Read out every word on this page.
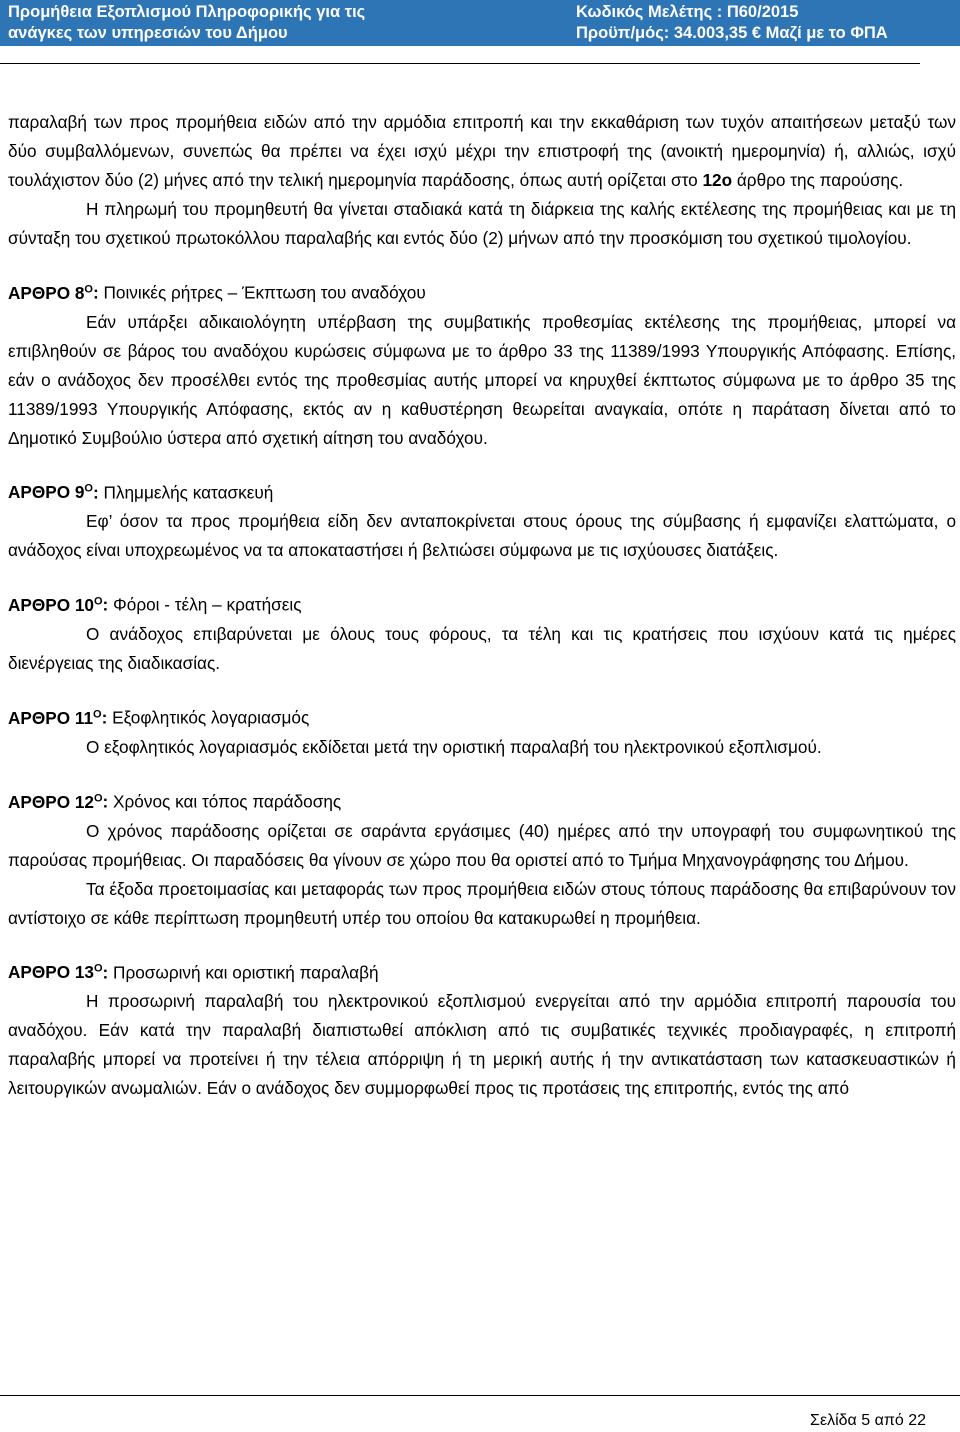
Προμήθεια Εξοπλισμού Πληροφορικής για τις
ανάγκες των υπηρεσιών του Δήμου
Κωδικός Μελέτης : Π60/2015
Προϋπ/μός: 34.003,35 € Μαζί με το ΦΠΑ

παραλαβή των προς προμήθεια ειδών από την αρμόδια επιτροπή και την εκκαθάριση των τυχόν απαιτήσεων μεταξύ των δύο συμβαλλόμενων, συνεπώς θα πρέπει να έχει ισχύ μέχρι την επιστροφή της (ανοικτή ημερομηνία) ή, αλλιώς, ισχύ τουλάχιστον δύο (2) μήνες από την τελική ημερομηνία παράδοσης, όπως αυτή ορίζεται στο 12ο άρθρο της παρούσης.

Η πληρωμή του προμηθευτή θα γίνεται σταδιακά κατά τη διάρκεια της καλής εκτέλεσης της προμήθειας και με τη σύνταξη του σχετικού πρωτοκόλλου παραλαβής και εντός δύο (2) μήνων από την προσκόμιση του σχετικού τιμολογίου.

ΑΡΘΡΟ $8^O$: Ποινικές ρήτρες – Έκπτωση του αναδόχου

Εάν υπάρξει αδικαιολόγητη υπέρβαση της συμβατικής προθεσμίας εκτέλεσης της προμήθειας, μπορεί να επιβληθούν σε βάρος του αναδόχου κυρώσεις σύμφωνα με το άρθρο 33 της 11389/1993 Υπουργικής Απόφασης. Επίσης, εάν ο ανάδοχος δεν προσέλθει εντός της προθεσμίας αυτής μπορεί να κηρυχθεί έκπτωτος σύμφωνα με το άρθρο 35 της 11389/1993 Υπουργικής Απόφασης, εκτός αν η καθυστέρηση θεωρείται αναγκαία, οπότε η παράταση δίνεται από το Δημοτικό Συμβούλιο ύστερα από σχετική αίτηση του αναδόχου.

ΑΡΘΡΟ $9^O$: Πλημμελής κατασκευή

Εφ’ όσον τα προς προμήθεια είδη δεν ανταποκρίνεται στους όρους της σύμβασης ή εμφανίζει ελαττώματα, ο ανάδοχος είναι υποχρεωμένος να τα αποκαταστήσει ή βελτιώσει σύμφωνα με τις ισχύουσες διατάξεις.

ΑΡΘΡΟ $10^O$: Φόροι - τέλη – κρατήσεις

Ο ανάδοχος επιβαρύνεται με όλους τους φόρους, τα τέλη και τις κρατήσεις που ισχύουν κατά τις ημέρες διενέργειας της διαδικασίας.

ΑΡΘΡΟ $11^O$: Εξοφλητικός λογαριασμός

Ο εξοφλητικός λογαριασμός εκδίδεται μετά την οριστική παραλαβή του ηλεκτρονικού εξοπλισμού.

ΑΡΘΡΟ $12^O$: Χρόνος και τόπος παράδοσης

Ο χρόνος παράδοσης ορίζεται σε σαράντα εργάσιμες (40) ημέρες από την υπογραφή του συμφωνητικού της παρούσας προμήθειας. Οι παραδόσεις θα γίνουν σε χώρο που θα οριστεί από το Τμήμα Μηχανογράφησης του Δήμου.

Τα έξοδα προετοιμασίας και μεταφοράς των προς προμήθεια ειδών στους τόπους παράδοσης θα επιβαρύνουν τον αντίστοιχο σε κάθε περίπτωση προμηθευτή υπέρ του οποίου θα κατακυρωθεί η προμήθεια.

ΑΡΘΡΟ $13^O$: Προσωρινή και οριστική παραλαβή

Η προσωρινή παραλαβή του ηλεκτρονικού εξοπλισμού ενεργείται από την αρμόδια επιτροπή παρουσία του αναδόχου. Εάν κατά την παραλαβή διαπιστωθεί απόκλιση από τις συμβατικές τεχνικές προδιαγραφές, η επιτροπή παραλαβής μπορεί να προτείνει ή την τέλεια απόρριψη ή τη μερική αυτής ή την αντικατάσταση των κατασκευαστικών ή λειτουργικών ανωμαλιών. Εάν ο ανάδοχος δεν συμμορφωθεί προς τις προτάσεις της επιτροπής, εντός της από

Σελίδα 5 από 22
